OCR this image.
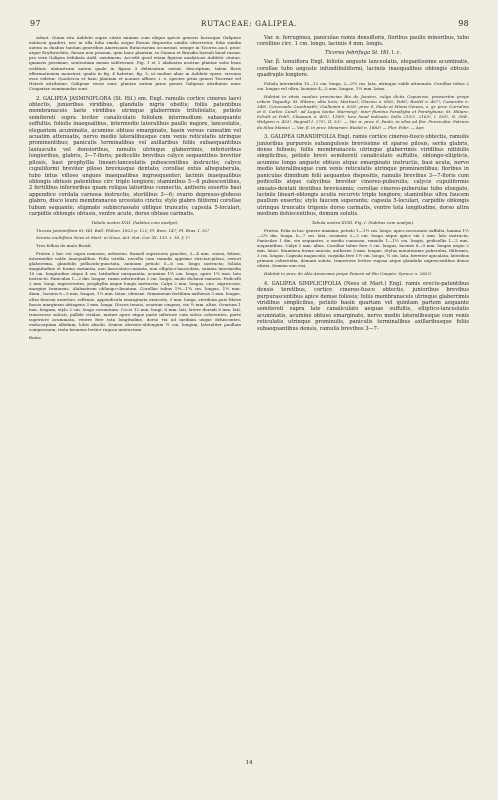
97	RUTACEAE: GALIPEA.	98

Adnot. Quum ista Aubletii supra citata minime cum aliqua specie generis hucusque Galipeae nobiscui quadret, nec in ulla folia simila aeque florum dispositio similis observetur, folia similia autem in duabus tantum generibus Americanis Rutacearum occurrant, nempe in Ticorea aucl. prior. atque Erythrochito, forsan non possum, quin hanc plantam, in Guiana et Brasilia boreali haud raram, pro vera Galipea trifoliata Aubl. existimem. Accedit quod etiam figurae analyticae Aubletii citatae, quamvis pessimae, sententiam meam subleveant. Fig. 1 et 2 alabastra nostrae plantae satis bene reddunt; alabastrum autem quale in figura 3 delineatum exstat, descriptum, talem floris efformationem monstrat, qualis in fig. 4 habetur; fig. 5, ut multae aliae in Aubletii opere, erronea esse videtur. Quodcirca et hanc plantam et nonnes affines, i. e. species prius generi Ticoreae vel Heisrii attributae, Galipeae verae sunt, plantae autem prius generi Galipeae attributae nunc Cuspariae nominandae sunt.

2. GALIPEA JASMINIFLORA (St. Hil.) em. Engl. ramulis cortice cinereo laevi obtectis, junioribus viridibus, glandulis nigris obsitis; foliis patentibus membranaceis laete viridibus utrinque glaberrimis trifoliolatis, petiolo semiteretí supra leviter canaliculato foliolum intermedium subaequante suffultis; foliolis inaequalibus, intermedio lateralibus paullo majore, lanceolatis, elegantem acuminatis, acumine obtuso emarginato, basin versus cuneatim vel acuatim attenuatis, nervo medio lateralibusque cum venis reticulatis utrinque prominentibus; paniculis terminalibus vel axillaribus foliis subaequantibus laxiusculis vel densioribus, ramulis utrinque glaberrimis, inferioribus longioribus, glabris, 3—7-floris; pedicellis brevibus calyce sequantibus breviter pilosis, basi prophyllia lineari-lanceolatis pubescentibus instructis; calyce cupuliformi breviter piloso breviusque dentato; corollae extus albopuberula, tubo intus villoso ungues inaequalibus ingroequenter; laciniis inaequalibus oblongis obtusis patentibus circ triplo longiore; staminibus 5—8 pubescentibus, 2 fertilibus inferioribus quam reliqua latioribus connectis, antheris exsertis basi appendice cordata carnosa instructis, sterilibus 3—6; ovario depresso-globoso glabro, disco leuni membranaceo urceolato cincto; stylo glabro filiformi corollae tubum sequante; stigmate subincrassato oblique truncato; capsula 5-loculari, carpidiis oblongis obtusis, ventre acute, dorso obtuse carinatis.

Tabula nostra XVII. (habitus cum analysi).

Ticorea jasminiflora St. Hil. Bull. Philom. 1823 p. 122; Pl. Rem. 147; Fl. Bras. I. 92!

Sciuria multiflora Nees et Mart. in Nova. Act. Nat. Cur. XI. 155. t. 18. f. 1!

Tres folhas do mato Brasil.

Frutex 2 hoc est supra ramosus, arboreus. Rameli superiores graciles, 3—4 mm. crassi, foliosi, intermediis valde inaequalibus. Folia viridia, novella cum ramulis apprime strictae-pilosa, seriori glaberrima, glandulis pellucido-punctata, annuum petiolo 5—6 cm. longo instructa; foliola magnitudine et forma variantia, non lanceolato-cuneata, non elliptico-lanceolata, summa intermedia 10 cm. longitudine atque 4 cm. latitudine unequantia, acumine 1½ cm. longo, apice 1½ mm. lato instructo. Paniculae 1—2 dm. longae, ramis inferioribus 2 cm. longis, modo dichasii ramosis. Pedicelli 2 mm. longi, nigrescentes, prophyllis aeque longis instructis. Calyx 2 mm. longus, circ. nigrescens, margine brunneus. Alabastrum oblongo-clavatum. Corollae tubus 1½—1¾ cm. longus, 1½ mm. diam., laciniis 6—9 mm. longae, 1½ mm. latae, obtusae. Stamineum fertilium antherae 3 mm. longae, ultra faucem exsertae, reflexae, appendicula emarginata exsicatis, 3 mm. longa, sterilium pars libera faucis marginem attingens 3 mm. longa. Discus tenuis, ovarium cingens, vix ½ mm. altus. Ovarium 1 mm. longum, stylo 2 cm. longo coronatum. Cocci 12 mm. longi, 8 mm. lati, latere dorsali 8 mm. lati, transverse sulcati, pallide viridae, maturi apice atque parte inferiore cum sulcis coherentes, parte superiore acuminata, ventre fere tota longitudine, dorso vix ad medium usque dehiscentes, endocarpium albidum, lobis absolu. Semen obovato-oblongum ½ cm. longum, lateraliter paullum compressum, testa brunnea leviter rugosa instructum.

Rutac.

Var. α. ferruginea, paniculae ramis densifloris, floribus paullo minoribus, tubo corollino circ. 1 cm. longo, laciniis 4 mm. longis.

Ticorea febrifuga St. Hil. l. c.

Var. β. tenuiflora Engl. foliolis anguste lanceolatis, elegantissime acuminatis, corollae tubo anguste infundibuliformi, laciniis inaequalibus oblongis obtusis quadruplo longiore.

Foliola intermedia 10—12 cm. longa, 2—2½ cm. lata, utrinque valde attenuata. Corollae tubus 2 cm. longus vel ultra, laciniae 4—5 mm. longae, 1½ mm. latae.

Habitat in sitvis caeduis provinciae Rio de Janeiro, culga dictis Capoeiras, praesertim prope urbem Taguahy: St. Hilaire; altis locis, Martius!; Glaziou n. 856!; Pohl!; Riedel n. 467!; Casaretto n. 348!; Corcovado: Luschnath!; Guillemin n. 828!; prov. S. Paulo et Minas Geraes, e. gr. prov. Curralina et S. Carlos: Lund!; ad Lagoa Santa: Warming!; inter flumina Paraibyba et Parahybuna: St. Hilaire, Schott et Pohl!, Claussen n. 403!, 1189!; loco haud indicato: Sello 2152!, 2163!, l. 163!, N. 394!, Widgren n. 453!, Regnell I. 273!, II. 53!. — Var. α. prov. S. Paulo, in silva ad flor. Piracicaba: Patricio da Silva Manso! — Var. β. in prov. Minarum: Riedel n. 1883! — Flor. Febr. — Apr.

3. GALIPEA GRANDIFOLIA Engl. ramis cortice cinereo-fusco obtectis, ramulis junioribus purpureis subangulosis brevissime et sparse pilosis, seriis glabris, dense foliosis; foliis membranaceis utrinque glaberrimis viridibus nitidulis simplicibus, petiolo brevi semiteretí canaliculato suffultis, oblongo-ellipticis, acumine longo anguste obtuso atque emarginato instructis, basi acuta, nervo medio lateralibusque cum venis reticulatis utrinque prominentibus; floribus in paniculas dimidium folii aequantes dispositis, ramulis brevibus 3—7-floris cum pedicellis atque calycibus breviter cinereo-puberulis; calycis cupuliformis sinuato-dentati dentibus brevissimis; corollae cinereo-puberulae tubo elongato, laciniis lineari-oblongis acutis recurvis triplo longiore; staminibus ultra faucem paullum exsertis; stylo faucem superante; capsula 5-loculari, carpidiis oblongis utrinque truncatis trigonis dorso carinatis, ventre tota longitudine, dorso ultra medium dehiscentibus, demum solutis.

Tabula nostra XVIII. Fig. I. (habitus cum analysi).

Frutex. Folia in hoc genere maxima, petiolo 1—1½ cm. longo, apice incrassato suffulta, lamina 1½—2½ dm. longa, 6—7 cm. lata, acumine 2—3 cm. longo atque apice vix 2 mm. lato instructa. Paniculae 1 dm. vix sequantes, e medio cumosae, ramulis 1—1½ cm. longis, pedicellis 1—2 mm. aequantibus. Calyx 2 mm. altus. Corollae tubus fere 3 cm. longus, laciniis 8—9 mm. longae atque 2 mm. latae. Staminea forma unicais; antherae 3 mm. longae. Stylus minutissime puberulus, filiformis, 3 cm. longus. Capsula majuscula; carpidia fere 1½ cm. longa, ¾ cm. lata, breviter apiculata, lateribus primum coherentia, demum soluta, transverse leviter rugosa atque glandulis nigrescentibus dense obsita. Semina non visi.

Habitat in prov. do Alto Amazonas prope Panuré ad Rio Uaupés: Spruce n. 2832!

4. GALIPEA SIMPLICIFOLIA (Nees et Mart.) Engl. ramis erecto-patentibus densis teretibus, cortice cinereo-fusco obtectis, junioribus brevibus purpurascentibus apice demse foliosis; foliis membranaceis utrinque glaberrimis viridibus simplicibus, petiolo basin quartam vel quintam partem aequante semiteretí supra late canaliculato aequae suffultis, elliptico-lanceolatis acuminatis, acumine obtuso emarginato, nervo medio lateralibusque cum venis reticulatis utrinque prominulis, paniculis terminalibus axillaribusque foliis subaequantibus densis, ramulis brevibus 3—7-

14
